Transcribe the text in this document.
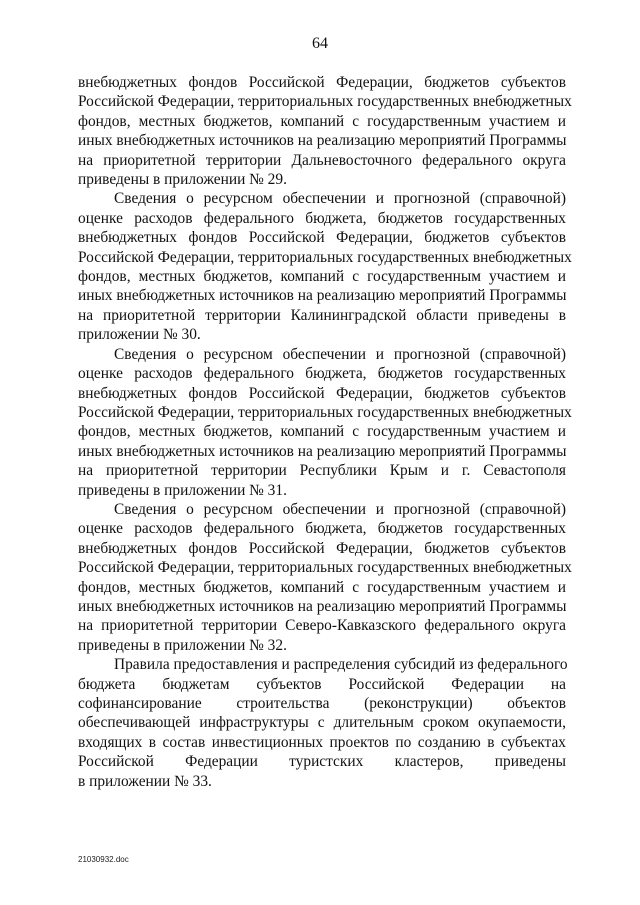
64

внебюджетных фондов Российской Федерации, бюджетов субъектов
Российской Федерации, территориальных государственных внебюджетных
фондов, местных бюджетов, компаний с государственным участием и
иных внебюджетных источников на реализацию мероприятий Программы
на приоритетной территории Дальневосточного федерального округа
приведены в приложении № 29.

Сведения о ресурсном обеспечении и прогнозной (справочной)
оценке расходов федерального бюджета, бюджетов государственных
внебюджетных фондов Российской Федерации, бюджетов субъектов
Российской Федерации, территориальных государственных внебюджетных
фондов, местных бюджетов, компаний с государственным участием и
иных внебюджетных источников на реализацию мероприятий Программы
на приоритетной территории Калининградской области приведены в
приложении № 30.

Сведения о ресурсном обеспечении и прогнозной (справочной)
оценке расходов федерального бюджета, бюджетов государственных
внебюджетных фондов Российской Федерации, бюджетов субъектов
Российской Федерации, территориальных государственных внебюджетных
фондов, местных бюджетов, компаний с государственным участием и
иных внебюджетных источников на реализацию мероприятий Программы
на приоритетной территории Республики Крым и г. Севастополя
приведены в приложении № 31.

Сведения о ресурсном обеспечении и прогнозной (справочной)
оценке расходов федерального бюджета, бюджетов государственных
внебюджетных фондов Российской Федерации, бюджетов субъектов
Российской Федерации, территориальных государственных внебюджетных
фондов, местных бюджетов, компаний с государственным участием и
иных внебюджетных источников на реализацию мероприятий Программы
на приоритетной территории Северо-Кавказского федерального округа
приведены в приложении № 32.

Правила предоставления и распределения субсидий из федерального
бюджета бюджетам субъектов Российской Федерации на
софинансирование строительства (реконструкции) объектов
обеспечивающей инфраструктуры с длительным сроком окупаемости,
входящих в состав инвестиционных проектов по созданию в субъектах
Российской Федерации туристских кластеров, приведены
в приложении № 33.

21030932.doc
